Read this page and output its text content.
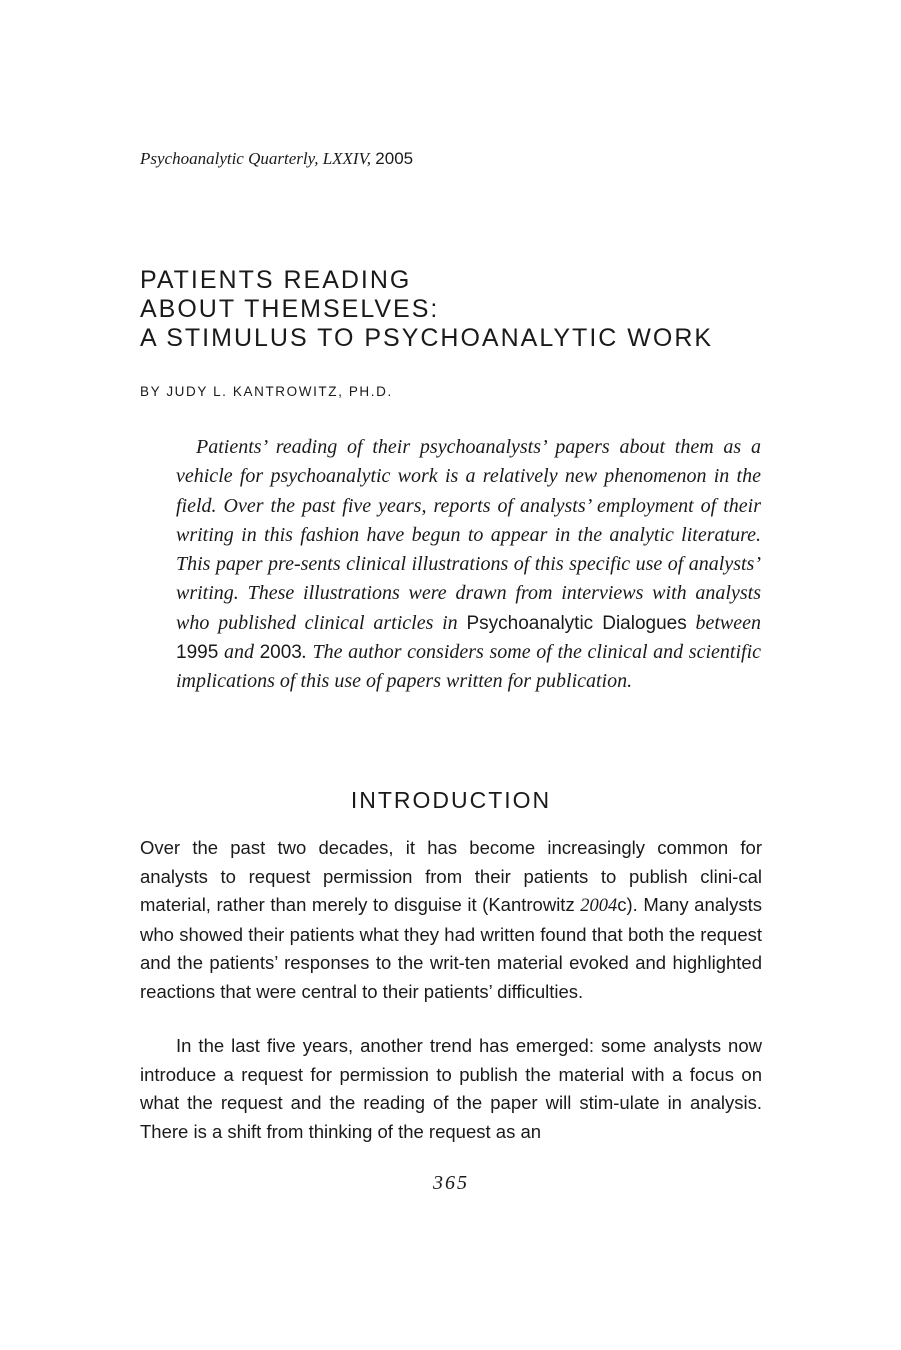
Psychoanalytic Quarterly, LXXIV, 2005
PATIENTS READING
ABOUT THEMSELVES:
A STIMULUS TO PSYCHOANALYTIC WORK
BY JUDY L. KANTROWITZ, PH.D.

Patients’ reading of their psychoanalysts’ papers about them as a vehicle for psychoanalytic work is a relatively new phenomenon in the field. Over the past five years, reports of analysts’ employment of their writing in this fashion have begun to appear in the analytic literature. This paper pre-sents clinical illustrations of this specific use of analysts’ writing. These illustrations were drawn from interviews with analysts who published clinical articles in Psychoanalytic Dialogues between 1995 and 2003. The author considers some of the clinical and scientific implications of this use of papers written for publication.

INTRODUCTION

Over the past two decades, it has become increasingly common for analysts to request permission from their patients to publish clini-cal material, rather than merely to disguise it (Kantrowitz 2004c). Many analysts who showed their patients what they had written found that both the request and the patients’ responses to the writ-ten material evoked and highlighted reactions that were central to their patients’ difficulties.

In the last five years, another trend has emerged: some analysts now introduce a request for permission to publish the material with a focus on what the request and the reading of the paper will stim-ulate in analysis. There is a shift from thinking of the request as an

365
